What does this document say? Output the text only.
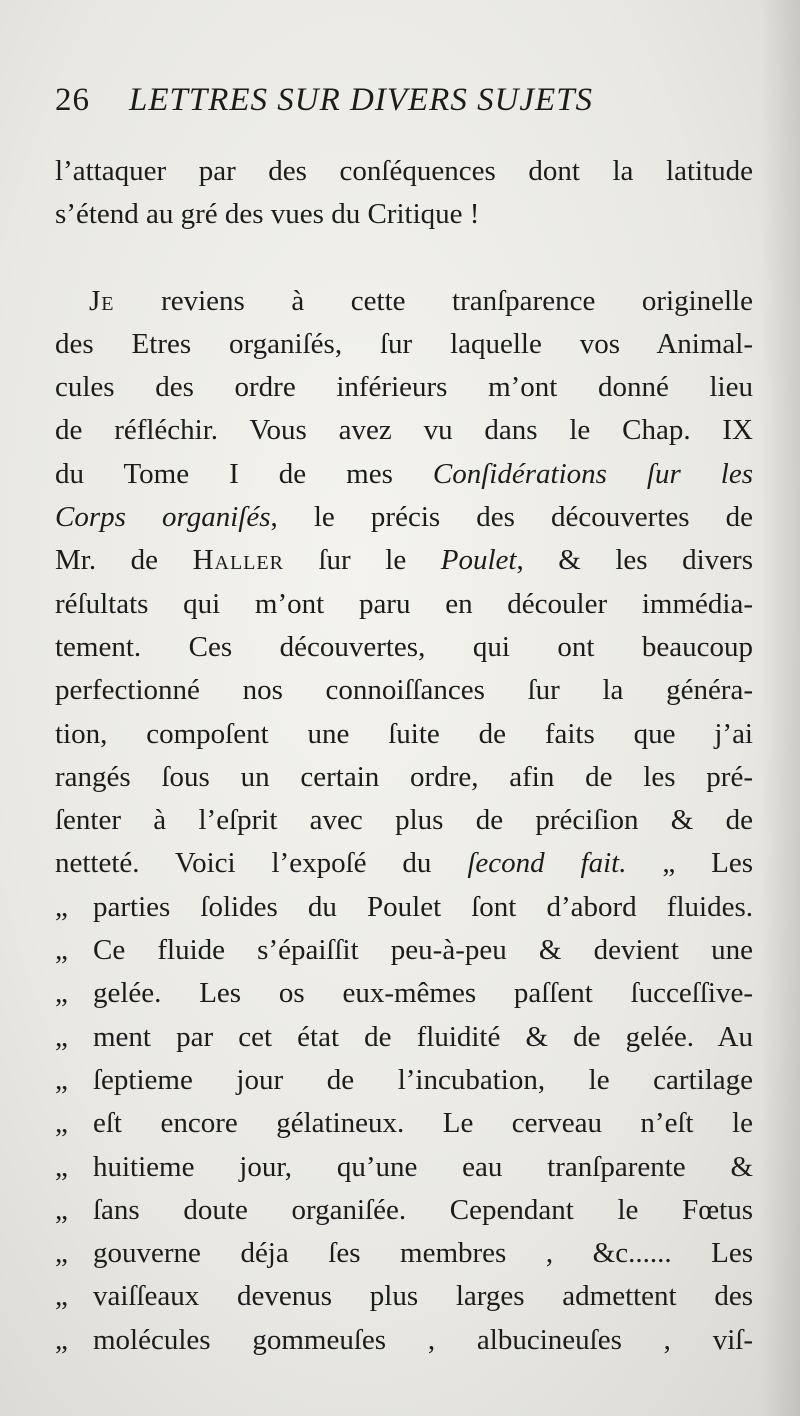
26 LETTRES SUR DIVERS SUJETS
l’attaquer par des conſéquences dont la latitude
s’étend au gré des vues du Critique !
Je reviens à cette tranſparence originelle
des Etres organiſés, ſur laquelle vos Animal-
cules des ordre inférieurs m’ont donné lieu
de réfléchir. Vous avez vu dans le Chap. IX
du Tome I de mes Conſidérations ſur les
Corps organiſés, le précis des découvertes de
Mr. de Haller ſur le Poulet, & les divers
réſultats qui m’ont paru en découler immédia-
tement. Ces découvertes, qui ont beaucoup
perfectionné nos connoiſſances ſur la généra-
tion, compoſent une ſuite de faits que j’ai
rangés ſous un certain ordre, afin de les pré-
ſenter à l’eſprit avec plus de préciſion & de
netteté. Voici l’expoſé du ſecond fait. „ Les
„ parties ſolides du Poulet ſont d’abord fluides.
„ Ce fluide s’épaiſſit peu-à-peu & devient une
„ gelée. Les os eux-mêmes paſſent ſucceſſive-
„ ment par cet état de fluidité & de gelée. Au
„ ſeptieme jour de l’incubation, le cartilage
„ eſt encore gélatineux. Le cerveau n’eſt le
„ huitieme jour, qu’une eau tranſparente &
„ ſans doute organiſée. Cependant le Fœtus
„ gouverne déja ſes membres , &c...... Les
„ vaiſſeaux devenus plus larges admettent des
„ molécules gommeuſes , albucineuſes , viſ-
